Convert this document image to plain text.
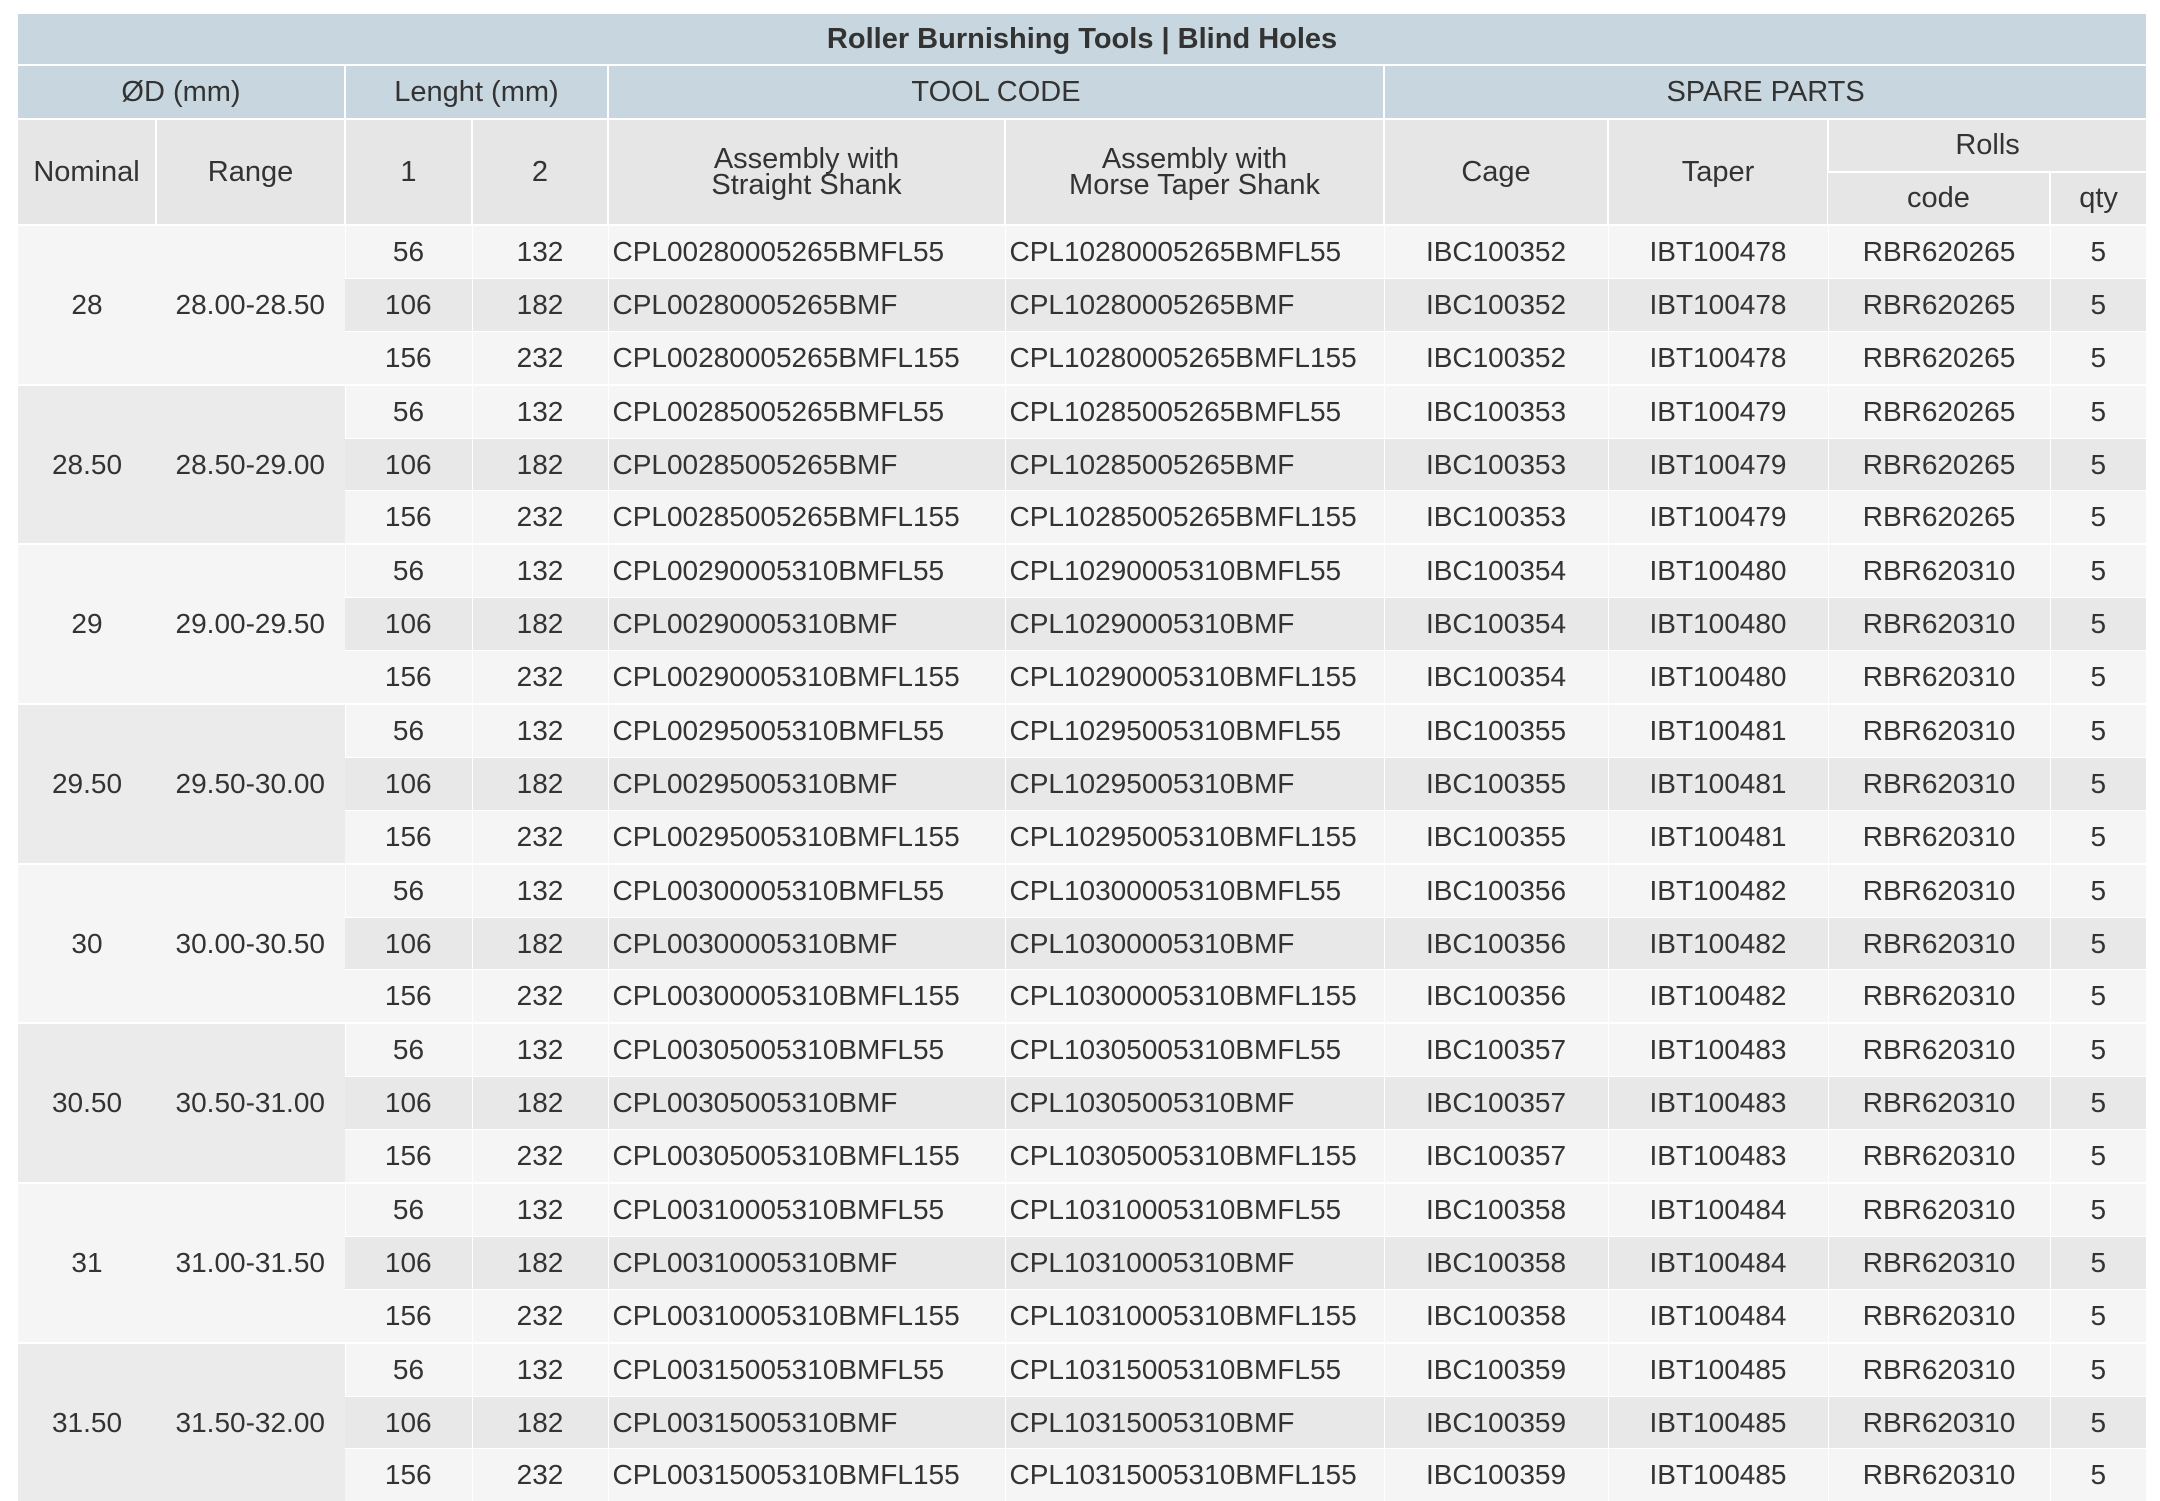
Roller Burnishing Tools | Blind Holes									
ØD (mm)		Lenght (mm)		TOOL CODE		SPARE PARTS			
Nominal	Range	1	2	Assembly with Straight Shank	Assembly with Morse Taper Shank	Cage	Taper	Rolls	
								code	qty
28	28.00-28.50	56	132	CPL00280005265BMFL55	CPL10280005265BMFL55	IBC100352	IBT100478	RBR620265	5
		106	182	CPL00280005265BMF	CPL10280005265BMF	IBC100352	IBT100478	RBR620265	5
		156	232	CPL00280005265BMFL155	CPL10280005265BMFL155	IBC100352	IBT100478	RBR620265	5
28.50	28.50-29.00	56	132	CPL00285005265BMFL55	CPL10285005265BMFL55	IBC100353	IBT100479	RBR620265	5
		106	182	CPL00285005265BMF	CPL10285005265BMF	IBC100353	IBT100479	RBR620265	5
		156	232	CPL00285005265BMFL155	CPL10285005265BMFL155	IBC100353	IBT100479	RBR620265	5
29	29.00-29.50	56	132	CPL00290005310BMFL55	CPL10290005310BMFL55	IBC100354	IBT100480	RBR620310	5
		106	182	CPL00290005310BMF	CPL10290005310BMF	IBC100354	IBT100480	RBR620310	5
		156	232	CPL00290005310BMFL155	CPL10290005310BMFL155	IBC100354	IBT100480	RBR620310	5
29.50	29.50-30.00	56	132	CPL00295005310BMFL55	CPL10295005310BMFL55	IBC100355	IBT100481	RBR620310	5
		106	182	CPL00295005310BMF	CPL10295005310BMF	IBC100355	IBT100481	RBR620310	5
		156	232	CPL00295005310BMFL155	CPL10295005310BMFL155	IBC100355	IBT100481	RBR620310	5
30	30.00-30.50	56	132	CPL00300005310BMFL55	CPL10300005310BMFL55	IBC100356	IBT100482	RBR620310	5
		106	182	CPL00300005310BMF	CPL10300005310BMF	IBC100356	IBT100482	RBR620310	5
		156	232	CPL00300005310BMFL155	CPL10300005310BMFL155	IBC100356	IBT100482	RBR620310	5
30.50	30.50-31.00	56	132	CPL00305005310BMFL55	CPL10305005310BMFL55	IBC100357	IBT100483	RBR620310	5
		106	182	CPL00305005310BMF	CPL10305005310BMF	IBC100357	IBT100483	RBR620310	5
		156	232	CPL00305005310BMFL155	CPL10305005310BMFL155	IBC100357	IBT100483	RBR620310	5
31	31.00-31.50	56	132	CPL00310005310BMFL55	CPL10310005310BMFL55	IBC100358	IBT100484	RBR620310	5
		106	182	CPL00310005310BMF	CPL10310005310BMF	IBC100358	IBT100484	RBR620310	5
		156	232	CPL00310005310BMFL155	CPL10310005310BMFL155	IBC100358	IBT100484	RBR620310	5
31.50	31.50-32.00	56	132	CPL00315005310BMFL55	CPL10315005310BMFL55	IBC100359	IBT100485	RBR620310	5
		106	182	CPL00315005310BMF	CPL10315005310BMF	IBC100359	IBT100485	RBR620310	5
		156	232	CPL00315005310BMFL155	CPL10315005310BMFL155	IBC100359	IBT100485	RBR620310	5
